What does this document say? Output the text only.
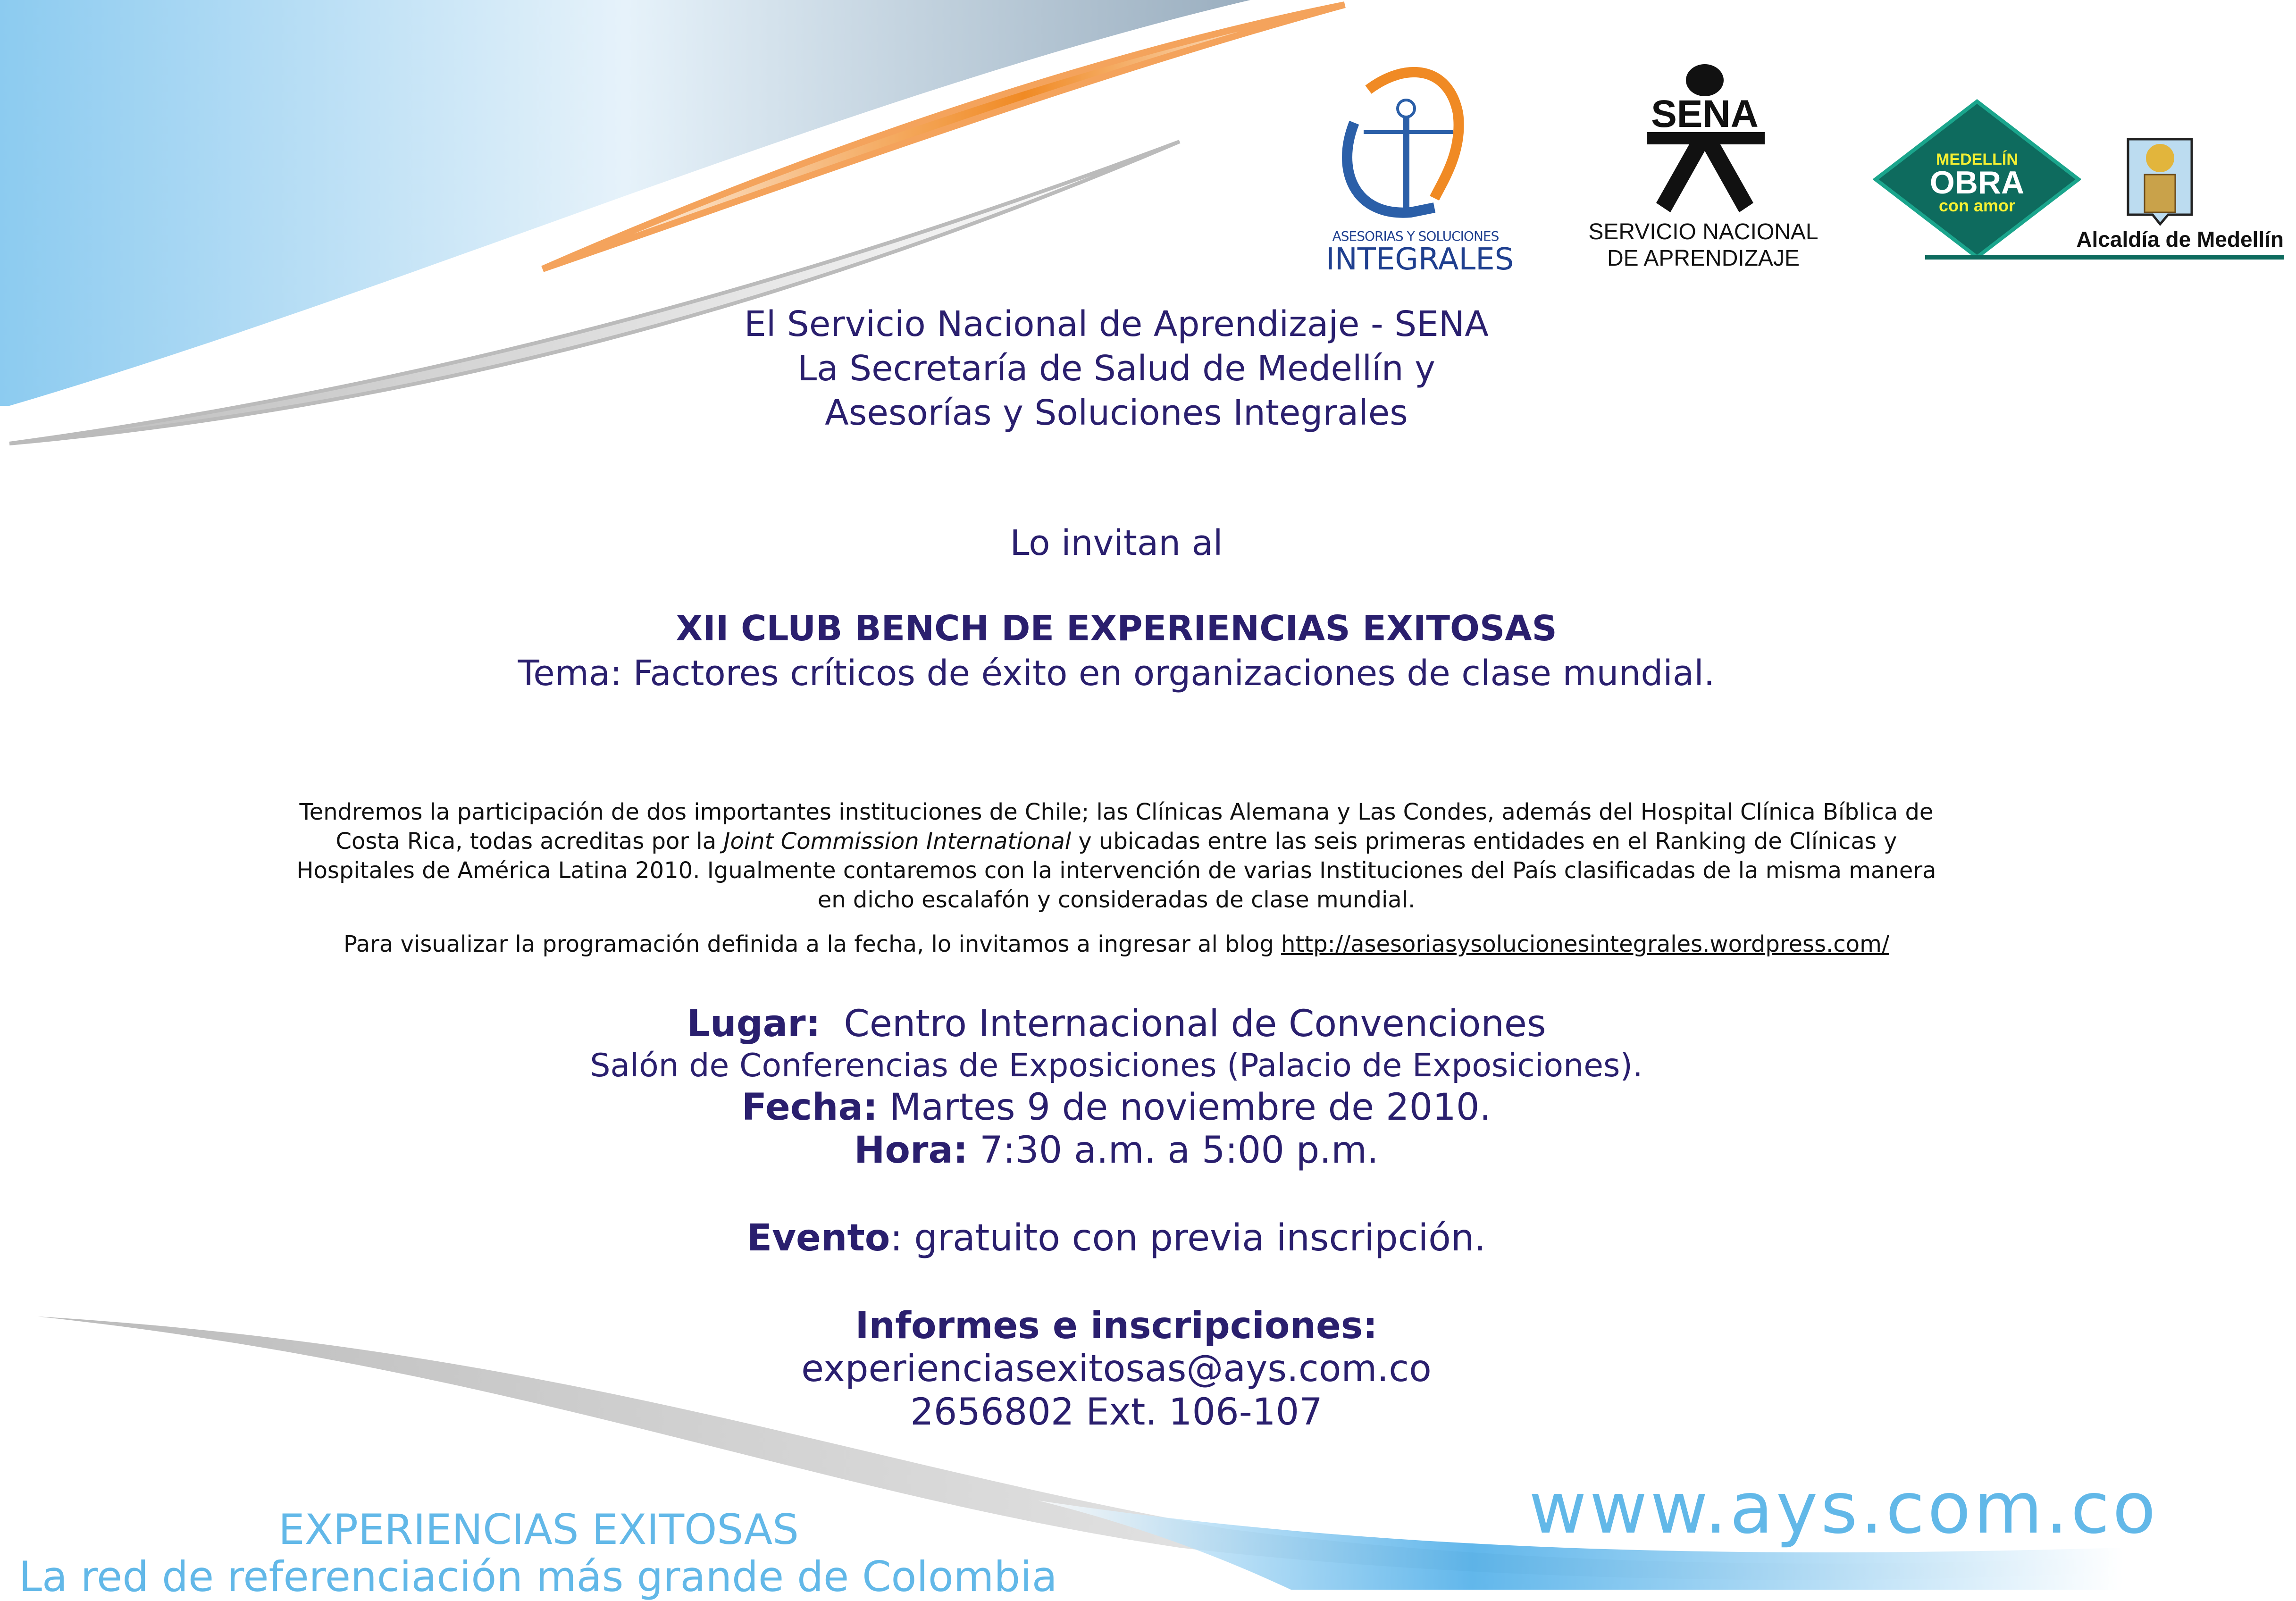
ASESORIAS Y SOLUCIONES
INTEGRALES
SENA
SERVICIO NACIONAL
DE APRENDIZAJE
MEDELLÍN
OBRA
con amor
Alcaldía de Medellín
El Servicio Nacional de Aprendizaje - SENA
La Secretaría de Salud de Medellín y
Asesorías y Soluciones Integrales
Lo invitan al
XII CLUB BENCH DE EXPERIENCIAS EXITOSAS
Tema: Factores críticos de éxito en organizaciones de clase mundial.
Tendremos la participación de dos importantes instituciones de Chile; las Clínicas Alemana y Las Condes, además del Hospital Clínica Bíblica de
Costa Rica, todas acreditas por la Joint Commission International y ubicadas entre las seis primeras entidades en el Ranking de Clínicas y
Hospitales de América Latina 2010. Igualmente contaremos con la intervención de varias Instituciones del País clasificadas de la misma manera
en dicho escalafón y consideradas de clase mundial.
Para visualizar la programación definida a la fecha, lo invitamos a ingresar al blog http://asesoriasysolucionesintegrales.wordpress.com/
Lugar: Centro Internacional de Convenciones
Salón de Conferencias de Exposiciones (Palacio de Exposiciones).
Fecha: Martes 9 de noviembre de 2010.
Hora: 7:30 a.m. a 5:00 p.m.
Evento: gratuito con previa inscripción.
Informes e inscripciones:
experienciasexitosas@ays.com.co
2656802 Ext. 106-107
EXPERIENCIAS EXITOSAS
La red de referenciación más grande de Colombia
www.ays.com.co
